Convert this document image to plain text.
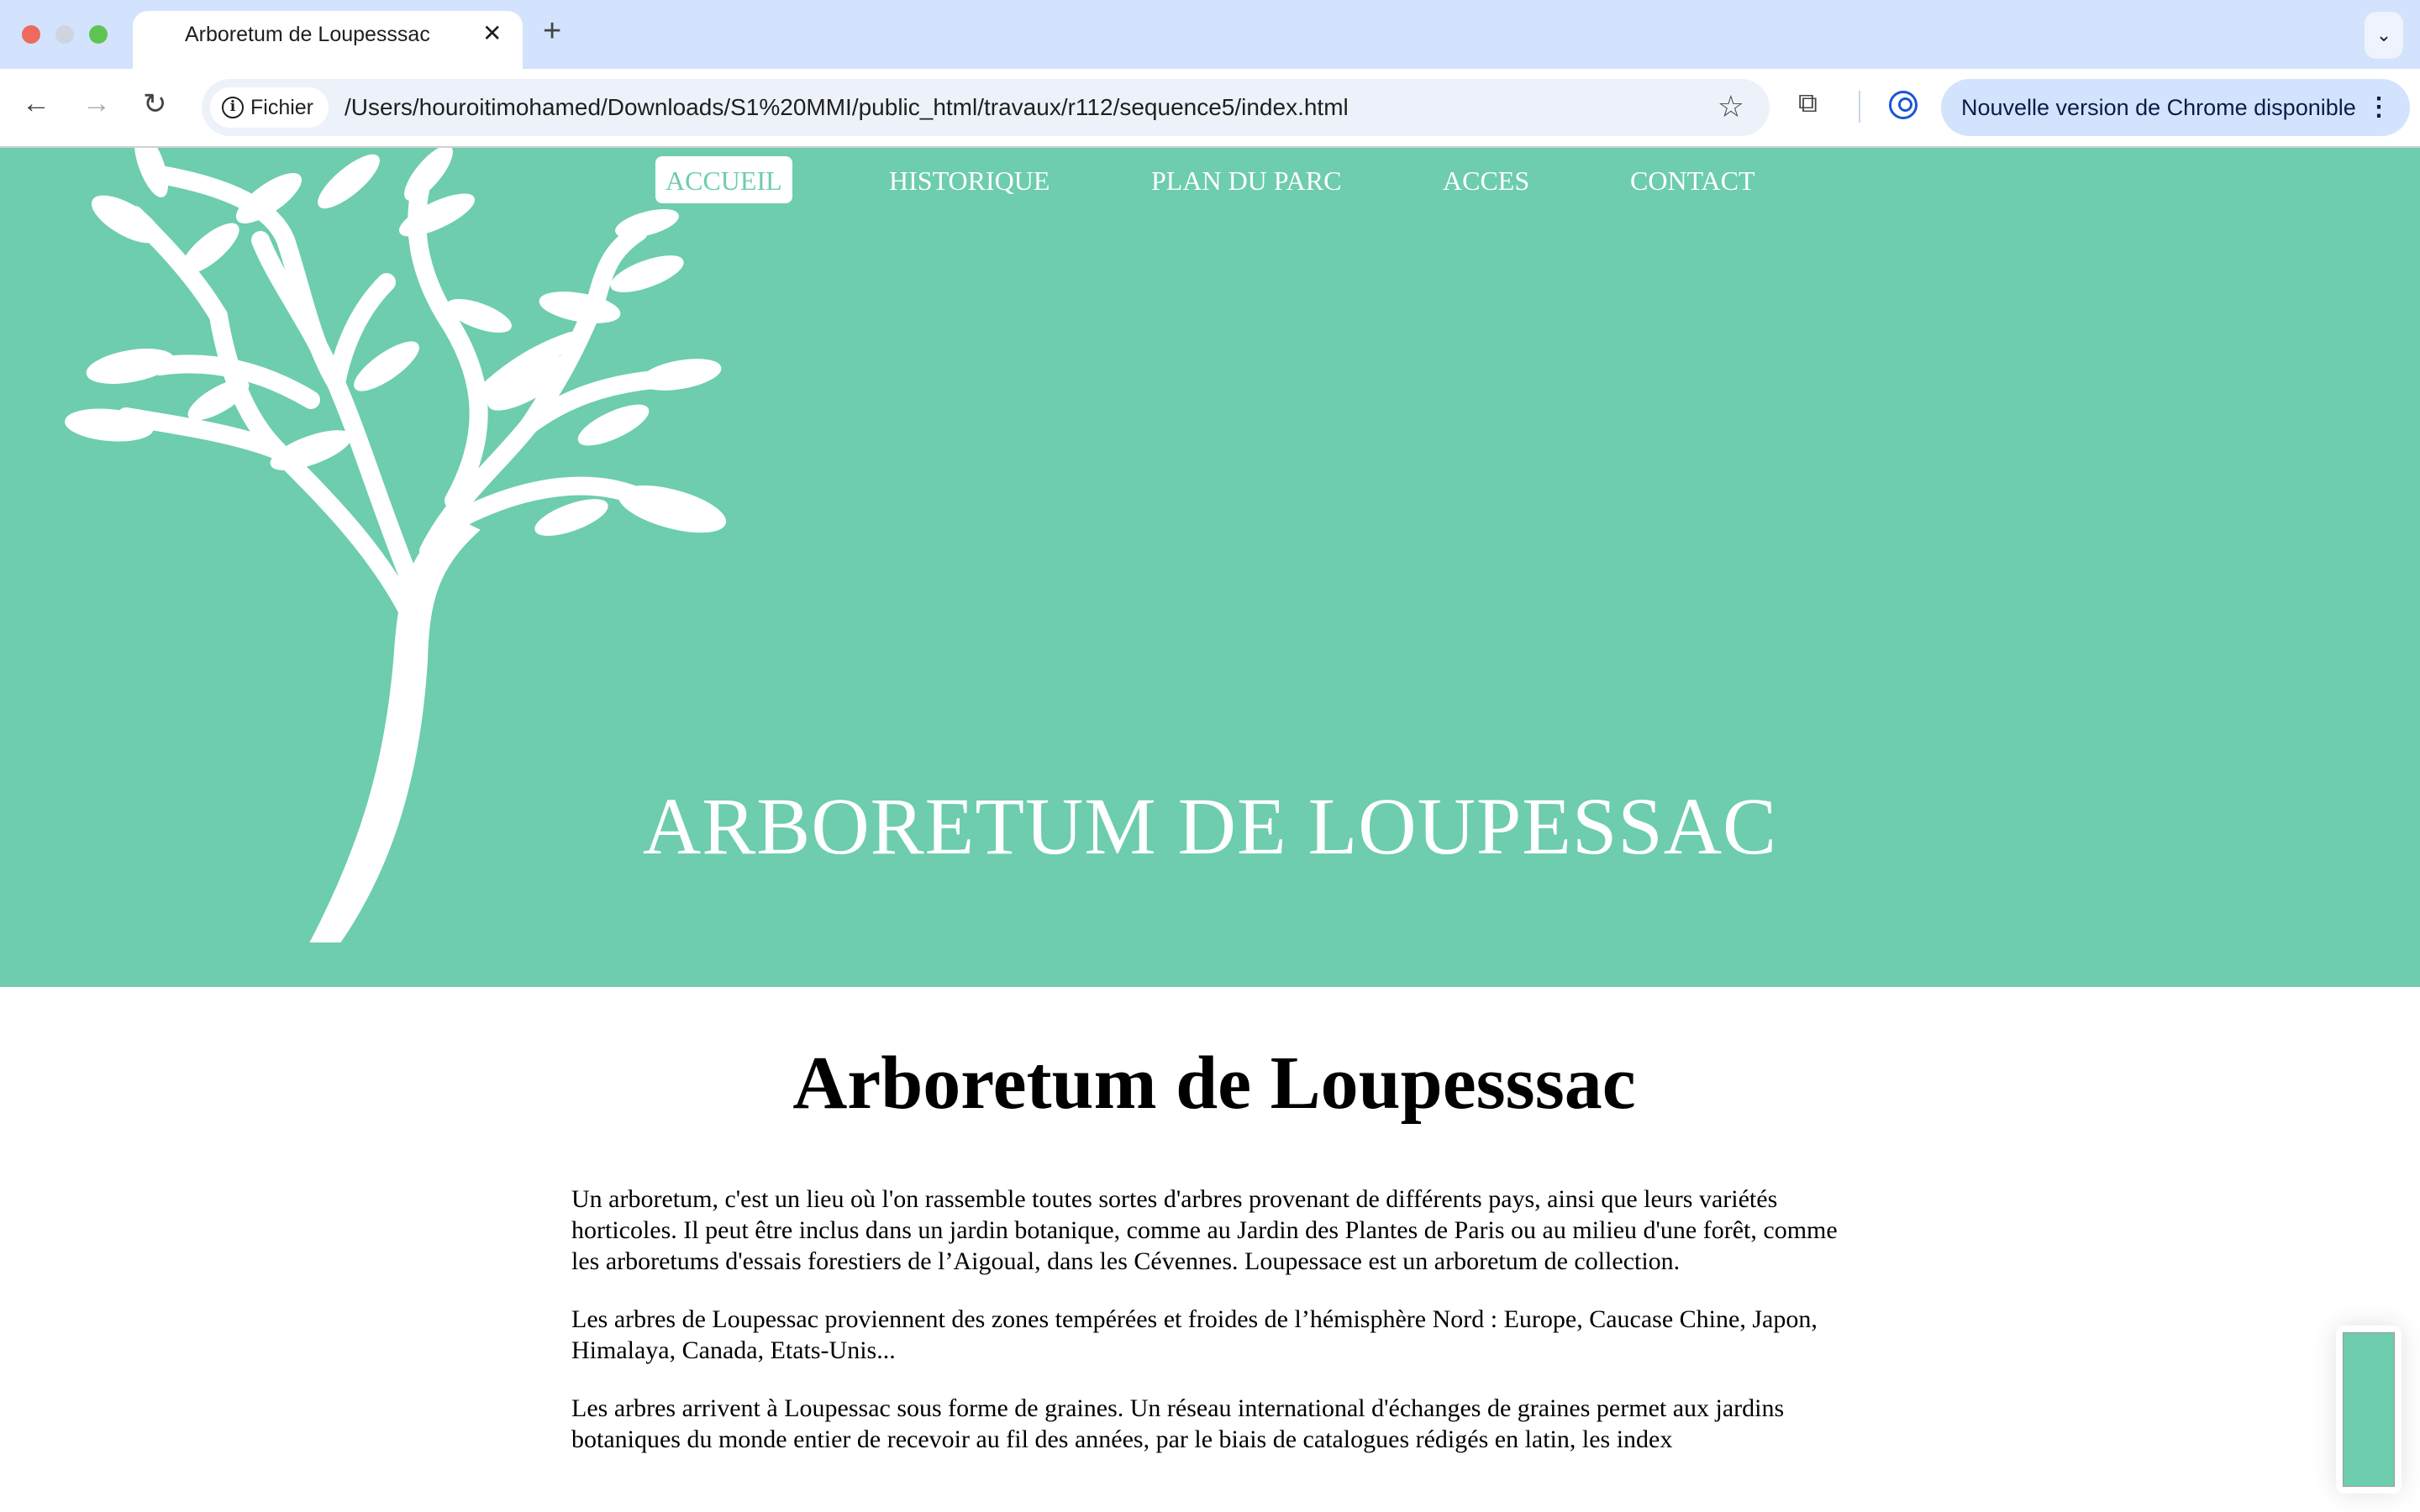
Arboretum de Loupesssac ✕ +	⌄
← → ↻	i Fichier /Users/houroitimohamed/Downloads/S1%20MMI/public_html/travaux/r112/sequence5/index.html	☆ ⧉	Nouvelle version de Chrome disponible ⋮
ACCUEIL	HISTORIQUE	PLAN DU PARC	ACCES	CONTACT
ARBORETUM DE LOUPESSAC
Arboretum de Loupesssac

Un arboretum, c'est un lieu où l'on rassemble toutes sortes d'arbres provenant de différents pays, ainsi que leurs variétés horticoles. Il peut être inclus dans un jardin botanique, comme au Jardin des Plantes de Paris ou au milieu d'une forêt, comme les arboretums d'essais forestiers de l’Aigoual, dans les Cévennes. Loupessace est un arboretum de collection.

Les arbres de Loupessac proviennent des zones tempérées et froides de l’hémisphère Nord : Europe, Caucase Chine, Japon, Himalaya, Canada, Etats-Unis...

Les arbres arrivent à Loupessac sous forme de graines. Un réseau international d'échanges de graines permet aux jardins botaniques du monde entier de recevoir au fil des années, par le biais de catalogues rédigés en latin, les index
